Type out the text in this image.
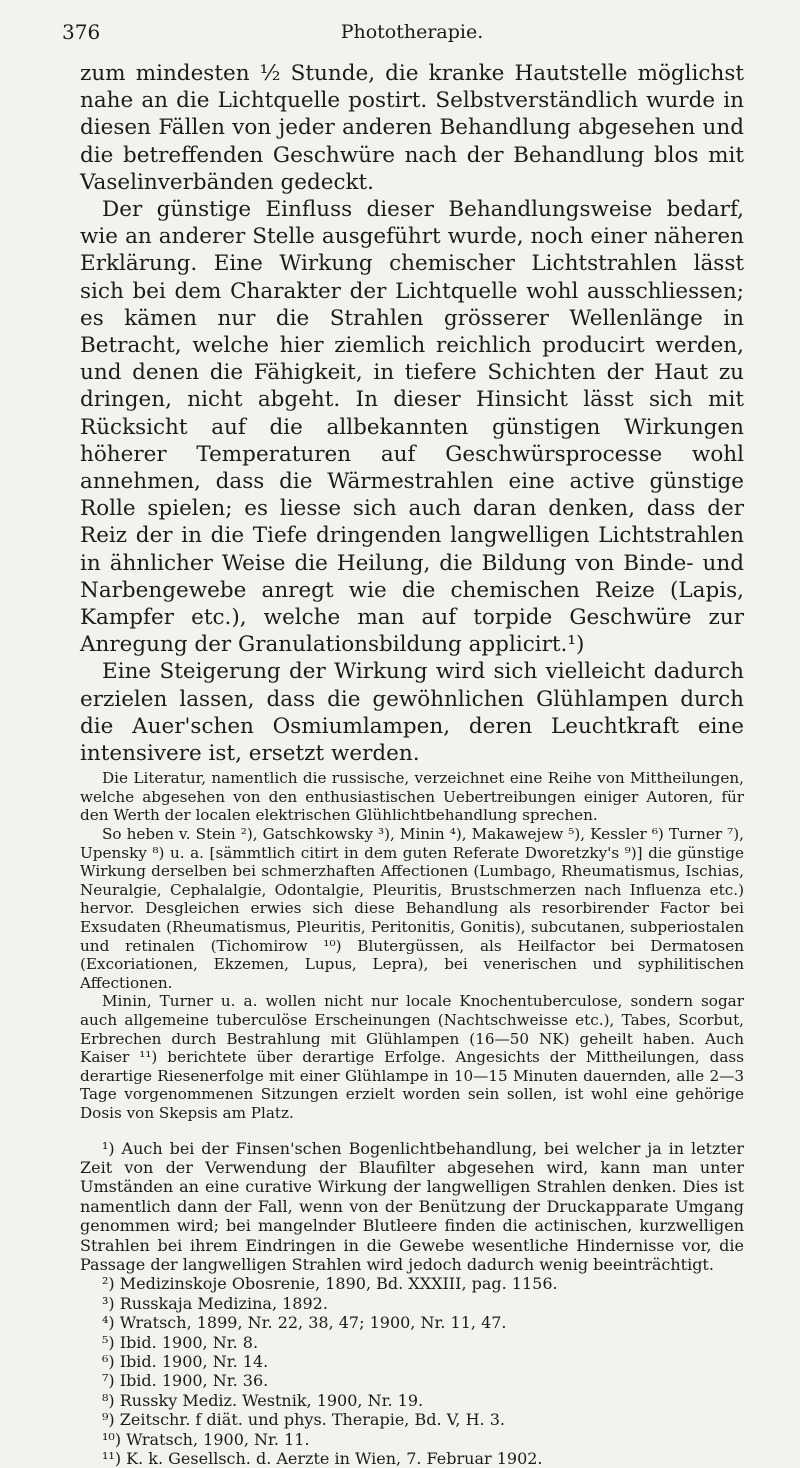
376	Phototherapie.

zum mindesten ½ Stunde, die kranke Hautstelle möglichst nahe an die Lichtquelle postirt. Selbstverständlich wurde in diesen Fällen von jeder anderen Behandlung abgesehen und die betreffenden Geschwüre nach der Behandlung blos mit Vaselinverbänden gedeckt.

Der günstige Einfluss dieser Behandlungsweise bedarf, wie an anderer Stelle ausgeführt wurde, noch einer näheren Erklärung. Eine Wirkung chemischer Lichtstrahlen lässt sich bei dem Charakter der Lichtquelle wohl ausschliessen; es kämen nur die Strahlen grösserer Wellenlänge in Betracht, welche hier ziemlich reichlich producirt werden, und denen die Fähigkeit, in tiefere Schichten der Haut zu dringen, nicht abgeht. In dieser Hinsicht lässt sich mit Rücksicht auf die allbekannten günstigen Wirkungen höherer Temperaturen auf Geschwürsprocesse wohl annehmen, dass die Wärmestrahlen eine active günstige Rolle spielen; es liesse sich auch daran denken, dass der Reiz der in die Tiefe dringenden langwelligen Lichtstrahlen in ähnlicher Weise die Heilung, die Bildung von Binde- und Narbengewebe anregt wie die chemischen Reize (Lapis, Kampfer etc.), welche man auf torpide Geschwüre zur Anregung der Granulationsbildung applicirt.¹)

Eine Steigerung der Wirkung wird sich vielleicht dadurch erzielen lassen, dass die gewöhnlichen Glühlampen durch die Auer'schen Osmiumlampen, deren Leuchtkraft eine intensivere ist, ersetzt werden.

Die Literatur, namentlich die russische, verzeichnet eine Reihe von Mittheilungen, welche abgesehen von den enthusiastischen Uebertreibungen einiger Autoren, für den Werth der localen elektrischen Glühlichtbehandlung sprechen.

So heben v. Stein ²), Gatschkowsky ³), Minin ⁴), Makawejew ⁵), Kessler ⁶) Turner ⁷), Upensky ⁸) u. a. [sämmtlich citirt in dem guten Referate Dworetzky's ⁹)] die günstige Wirkung derselben bei schmerzhaften Affectionen (Lumbago, Rheumatismus, Ischias, Neuralgie, Cephalalgie, Odontalgie, Pleuritis, Brustschmerzen nach Influenza etc.) hervor. Desgleichen erwies sich diese Behandlung als resorbirender Factor bei Exsudaten (Rheumatismus, Pleuritis, Peritonitis, Gonitis), subcutanen, subperiostalen und retinalen (Tichomirow ¹⁰) Blutergüssen, als Heilfactor bei Dermatosen (Excoriationen, Ekzemen, Lupus, Lepra), bei venerischen und syphilitischen Affectionen.

Minin, Turner u. a. wollen nicht nur locale Knochentuberculose, sondern sogar auch allgemeine tuberculöse Erscheinungen (Nachtschweisse etc.), Tabes, Scorbut, Erbrechen durch Bestrahlung mit Glühlampen (16—50 NK) geheilt haben. Auch Kaiser ¹¹) berichtete über derartige Erfolge. Angesichts der Mittheilungen, dass derartige Riesenerfolge mit einer Glühlampe in 10—15 Minuten dauernden, alle 2—3 Tage vorgenommenen Sitzungen erzielt worden sein sollen, ist wohl eine gehörige Dosis von Skepsis am Platz.

¹) Auch bei der Finsen'schen Bogenlichtbehandlung, bei welcher ja in letzter Zeit von der Verwendung der Blaufilter abgesehen wird, kann man unter Umständen an eine curative Wirkung der langwelligen Strahlen denken. Dies ist namentlich dann der Fall, wenn von der Benützung der Druckapparate Umgang genommen wird; bei mangelnder Blutleere finden die actinischen, kurzwelligen Strahlen bei ihrem Eindringen in die Gewebe wesentliche Hindernisse vor, die Passage der langwelligen Strahlen wird jedoch dadurch wenig beeinträchtigt.

²) Medizinskoje Obosrenie, 1890, Bd. XXXIII, pag. 1156.

³) Russkaja Medizina, 1892.

⁴) Wratsch, 1899, Nr. 22, 38, 47; 1900, Nr. 11, 47.

⁵) Ibid. 1900, Nr. 8.

⁶) Ibid. 1900, Nr. 14.

⁷) Ibid. 1900, Nr. 36.

⁸) Russky Mediz. Westnik, 1900, Nr. 19.

⁹) Zeitschr. f diät. und phys. Therapie, Bd. V, H. 3.

¹⁰) Wratsch, 1900, Nr. 11.

¹¹) K. k. Gesellsch. d. Aerzte in Wien, 7. Februar 1902.
